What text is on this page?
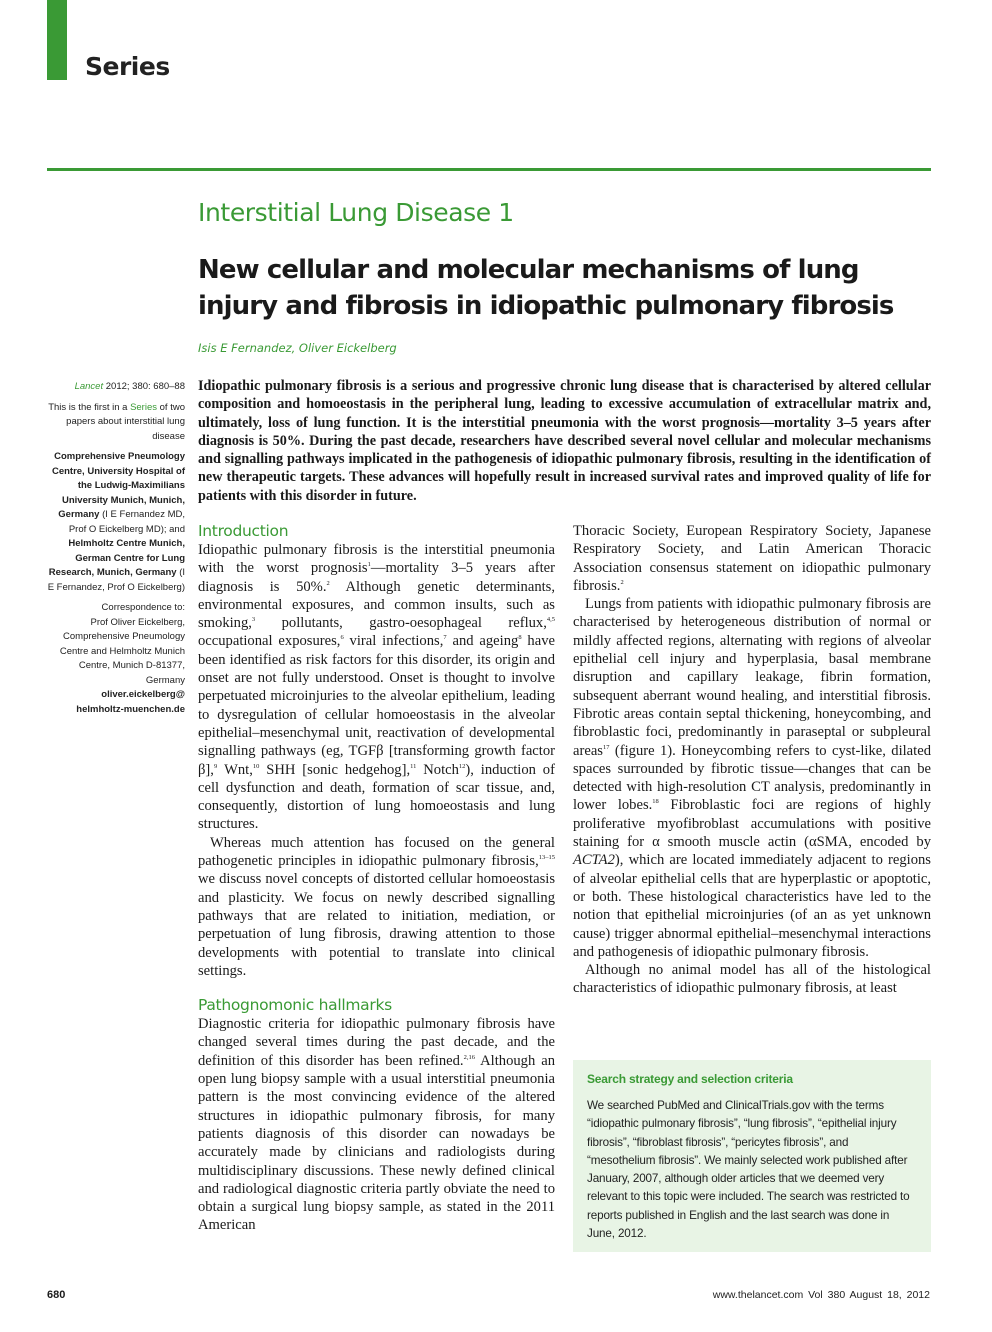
Series
Interstitial Lung Disease 1
New cellular and molecular mechanisms of lung injury and fibrosis in idiopathic pulmonary fibrosis
Isis E Fernandez, Oliver Eickelberg

Lancet 2012; 380: 680–88

This is the first in a Series of two papers about interstitial lung disease

Comprehensive Pneumology Centre, University Hospital of the Ludwig-Maximilians University Munich, Munich, Germany (I E Fernandez MD, Prof O Eickelberg MD); and Helmholtz Centre Munich, German Centre for Lung Research, Munich, Germany (I E Fernandez, Prof O Eickelberg)

Correspondence to:
Prof Oliver Eickelberg, Comprehensive Pneumology Centre and Helmholtz Munich Centre, Munich D-81377, Germany
oliver.eickelberg@
helmholtz-muenchen.de

Idiopathic pulmonary fibrosis is a serious and progressive chronic lung disease that is characterised by altered cellular composition and homoeostasis in the peripheral lung, leading to excessive accumulation of extracellular matrix and, ultimately, loss of lung function. It is the interstitial pneumonia with the worst prognosis—mortality 3–5 years after diagnosis is 50%. During the past decade, researchers have described several novel cellular and molecular mechanisms and signalling pathways implicated in the pathogenesis of idiopathic pulmonary fibrosis, resulting in the identification of new therapeutic targets. These advances will hopefully result in increased survival rates and improved quality of life for patients with this disorder in future.

Introduction

Idiopathic pulmonary fibrosis is the interstitial pneumonia with the worst prognosis$^1$—mortality 3–5 years after diagnosis is 50%.$^2$ Although genetic determinants, environmental exposures, and common insults, such as smoking,$^3$ pollutants, gastro-oesophageal reflux,$^{4,5}$ occupational exposures,$^6$ viral infections,$^7$ and ageing$^8$ have been identified as risk factors for this disorder, its origin and onset are not fully understood. Onset is thought to involve perpetuated microinjuries to the alveolar epithelium, leading to dysregulation of cellular homoeostasis in the alveolar epithelial–mesenchymal unit, reactivation of developmental signalling pathways (eg, TGFβ [transforming growth factor β],$^9$ Wnt,$^{10}$ SHH [sonic hedgehog],$^{11}$ Notch$^{12}$), induction of cell dysfunction and death, formation of scar tissue, and, consequently, distortion of lung homoeostasis and lung structures.

Whereas much attention has focused on the general pathogenetic principles in idiopathic pulmonary fibrosis,$^{13-15}$ we discuss novel concepts of distorted cellular homoeostasis and plasticity. We focus on newly described signalling pathways that are related to initiation, mediation, or perpetuation of lung fibrosis, drawing attention to those developments with potential to translate into clinical settings.

Pathognomonic hallmarks

Diagnostic criteria for idiopathic pulmonary fibrosis have changed several times during the past decade, and the definition of this disorder has been refined.$^{2,16}$ Although an open lung biopsy sample with a usual interstitial pneumonia pattern is the most convincing evidence of the altered structures in idiopathic pulmonary fibrosis, for many patients diagnosis of this disorder can nowadays be accurately made by clinicians and radiologists during multidisciplinary discussions. These newly defined clinical and radiological diagnostic criteria partly obviate the need to obtain a surgical lung biopsy sample, as stated in the 2011 American

Thoracic Society, European Respiratory Society, Japanese Respiratory Society, and Latin American Thoracic Association consensus statement on idiopathic pulmonary fibrosis.$^2$

Lungs from patients with idiopathic pulmonary fibrosis are characterised by heterogeneous distribution of normal or mildly affected regions, alternating with regions of alveolar epithelial cell injury and hyperplasia, basal membrane disruption and capillary leakage, fibrin formation, subsequent aberrant wound healing, and interstitial fibrosis. Fibrotic areas contain septal thickening, honeycombing, and fibroblastic foci, predominantly in paraseptal or subpleural areas$^{17}$ (figure 1). Honeycombing refers to cyst-like, dilated spaces surrounded by fibrotic tissue—changes that can be detected with high-resolution CT analysis, predominantly in lower lobes.$^{18}$ Fibroblastic foci are regions of highly proliferative myofibroblast accumulations with positive staining for α smooth muscle actin (αSMA, encoded by ACTA2), which are located immediately adjacent to regions of alveolar epithelial cells that are hyperplastic or apoptotic, or both. These histological characteristics have led to the notion that epithelial microinjuries (of an as yet unknown cause) trigger abnormal epithelial–mesenchymal interactions and pathogenesis of idiopathic pulmonary fibrosis.

Although no animal model has all of the histological characteristics of idiopathic pulmonary fibrosis, at least

Search strategy and selection criteria

We searched PubMed and ClinicalTrials.gov with the terms “idiopathic pulmonary fibrosis”, “lung fibrosis”, “epithelial injury fibrosis”, “fibroblast fibrosis”, “pericytes fibrosis”, and “mesothelium fibrosis”. We mainly selected work published after January, 2007, although older articles that we deemed very relevant to this topic were included. The search was restricted to reports published in English and the last search was done in June, 2012.

680	www.thelancet.com Vol 380 August 18, 2012
